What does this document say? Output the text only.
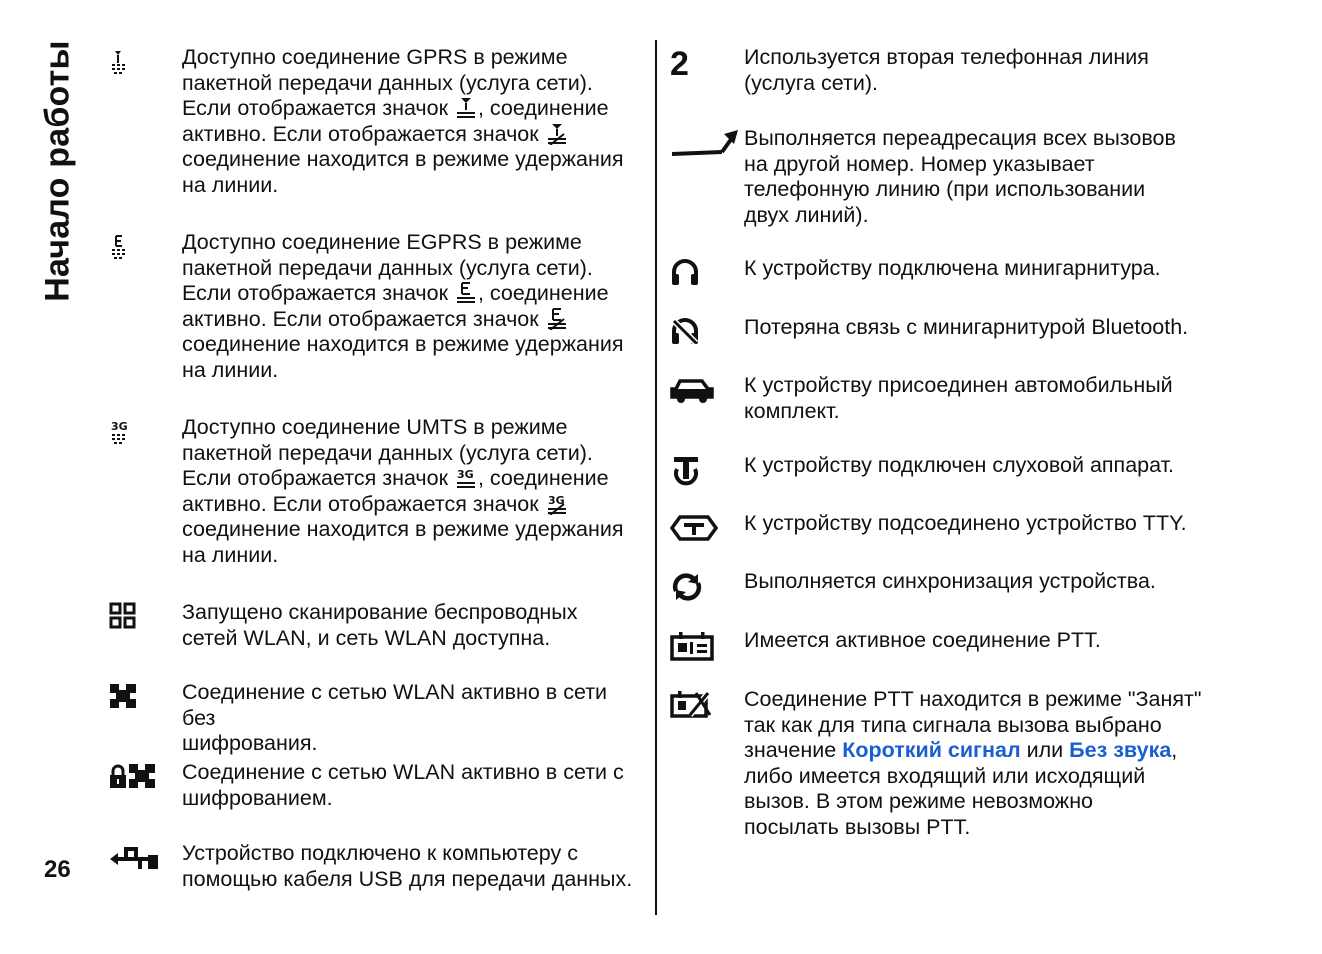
Начало работы
26

Доступно соединение GPRS в режиме
пакетной передачи данных (услуга сети).
Если отображается значок , соединение
активно. Если отображается значок
соединение находится в режиме удержания
на линии.

Доступно соединение EGPRS в режиме
пакетной передачи данных (услуга сети).
Если отображается значок , соединение
активно. Если отображается значок
соединение находится в режиме удержания
на линии.

3G	Доступно соединение UMTS в режиме
пакетной передачи данных (услуга сети).
Если отображается значок 3G , соединение
активно. Если отображается значок 3G

соединение находится в режиме удержания
на линии.

Запущено сканирование беспроводных
сетей WLAN, и сеть WLAN доступна.

Соединение с сетью WLAN активно в сети без
шифрования.

Соединение с сетью WLAN активно в сети с
шифрованием.

Устройство подключено к компьютеру с
помощью кабеля USB для передачи данных.

2	Используется вторая телефонная линия
(услуга сети).

Выполняется переадресация всех вызовов
на другой номер. Номер указывает
телефонную линию (при использовании
двух линий).

К устройству подключена минигарнитура.

Потеряна связь с минигарнитурой Bluetooth.

К устройству присоединен автомобильный
комплект.

К устройству подключен слуховой аппарат.

К устройству подсоединено устройство TTY.

Выполняется синхронизация устройства.

Имеется активное соединение PTT.

Соединение PTT находится в режиме "Занят"
так как для типа сигнала вызова выбрано
значение Короткий сигнал или Без звука,
либо имеется входящий или исходящий
вызов. В этом режиме невозможно
посылать вызовы PTT.
